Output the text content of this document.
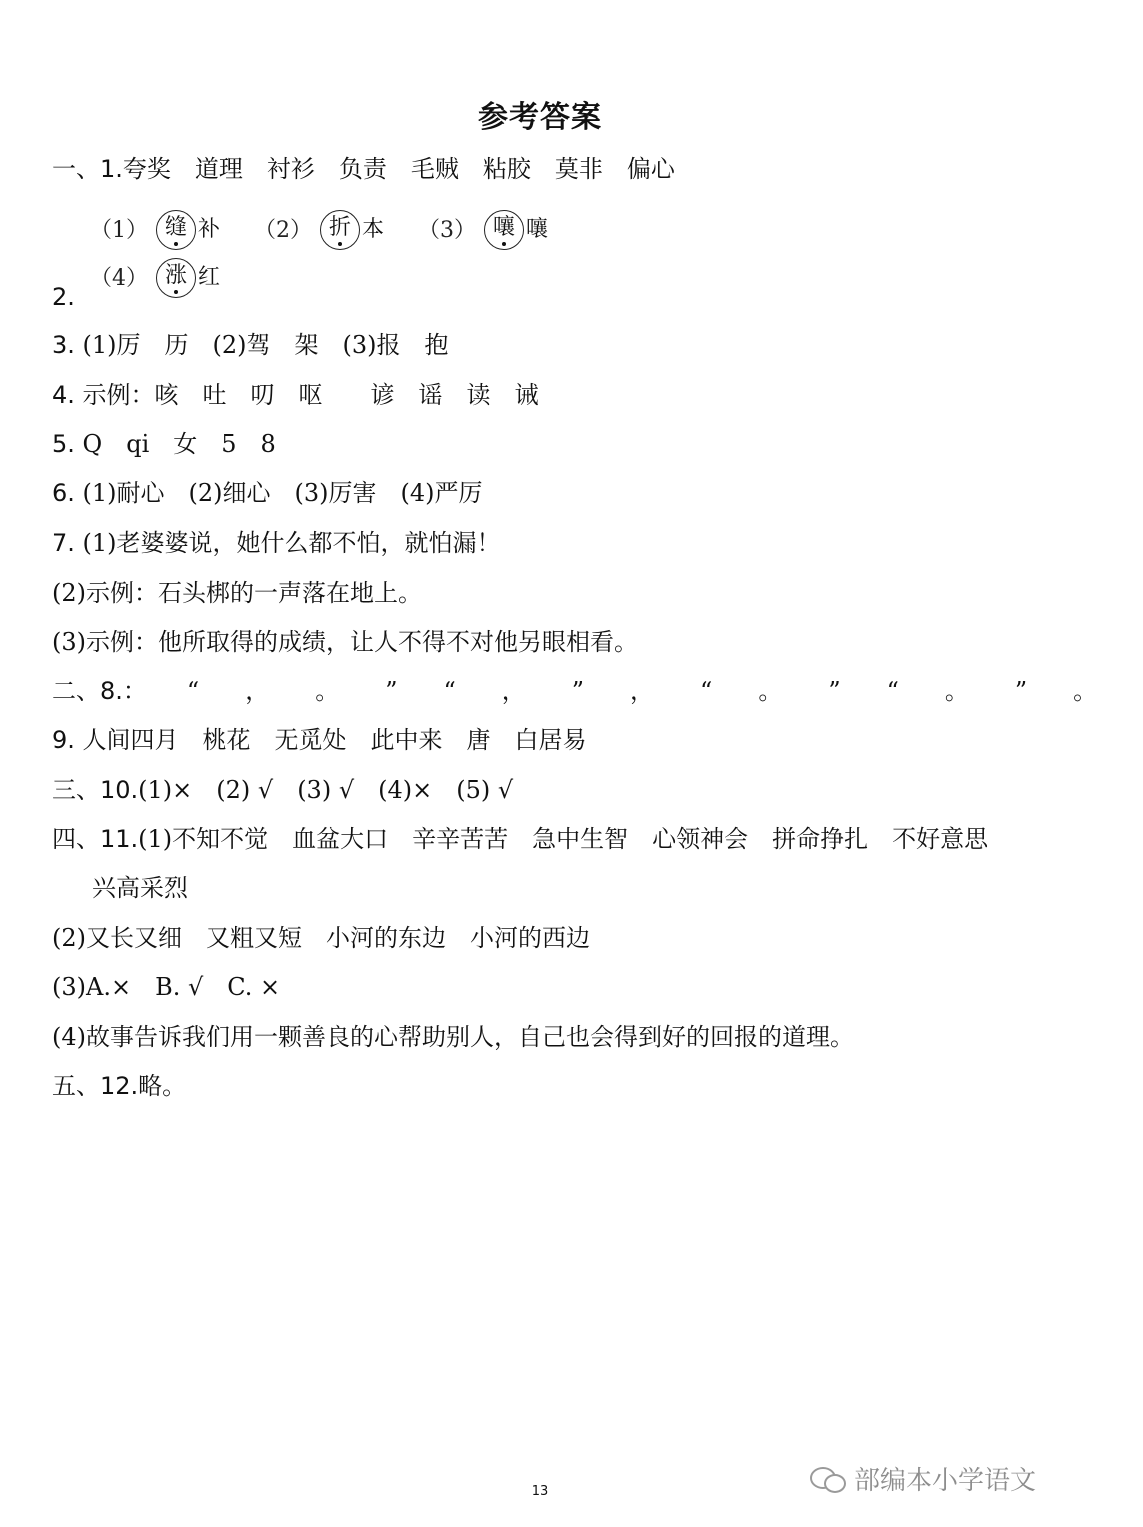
参考答案
一、1.夸奖 道理 衬衫 负责 毛贼 粘胶 莫非 偏心
（1） 缝 补 （2） 折 本 （3） 嚷 嚷
（4） 涨 红
2.
3. (1)厉　历　(2)驾　架　(3)报　抱
4. 示例：咳　吐　叨　呕　　谚　谣　读　诫
5. Q　qi　女　5　8
6. (1)耐心　(2)细心　(3)厉害　(4)严厉
7. (1)老婆婆说，她什么都不怕，就怕漏！
(2)示例：石头梆的一声落在地上。
(3)示例：他所取得的成绩，让人不得不对他另眼相看。
二、8.： “ ， 。 ” “ ， ” ， “ 。 ” “ 。 ” 。
9. 人间四月　桃花　无觅处　此中来　唐　白居易
三、10.(1)×　(2) √　(3) √　(4)×　(5) √
四、11.(1)不知不觉　血盆大口　辛辛苦苦　急中生智　心领神会　拼命挣扎　不好意思
兴高采烈
(2)又长又细　又粗又短　小河的东边　小河的西边
(3)A.×　B. √　C. ×
(4)故事告诉我们用一颗善良的心帮助别人，自己也会得到好的回报的道理。
五、12.略。
13	部编本小学语文
